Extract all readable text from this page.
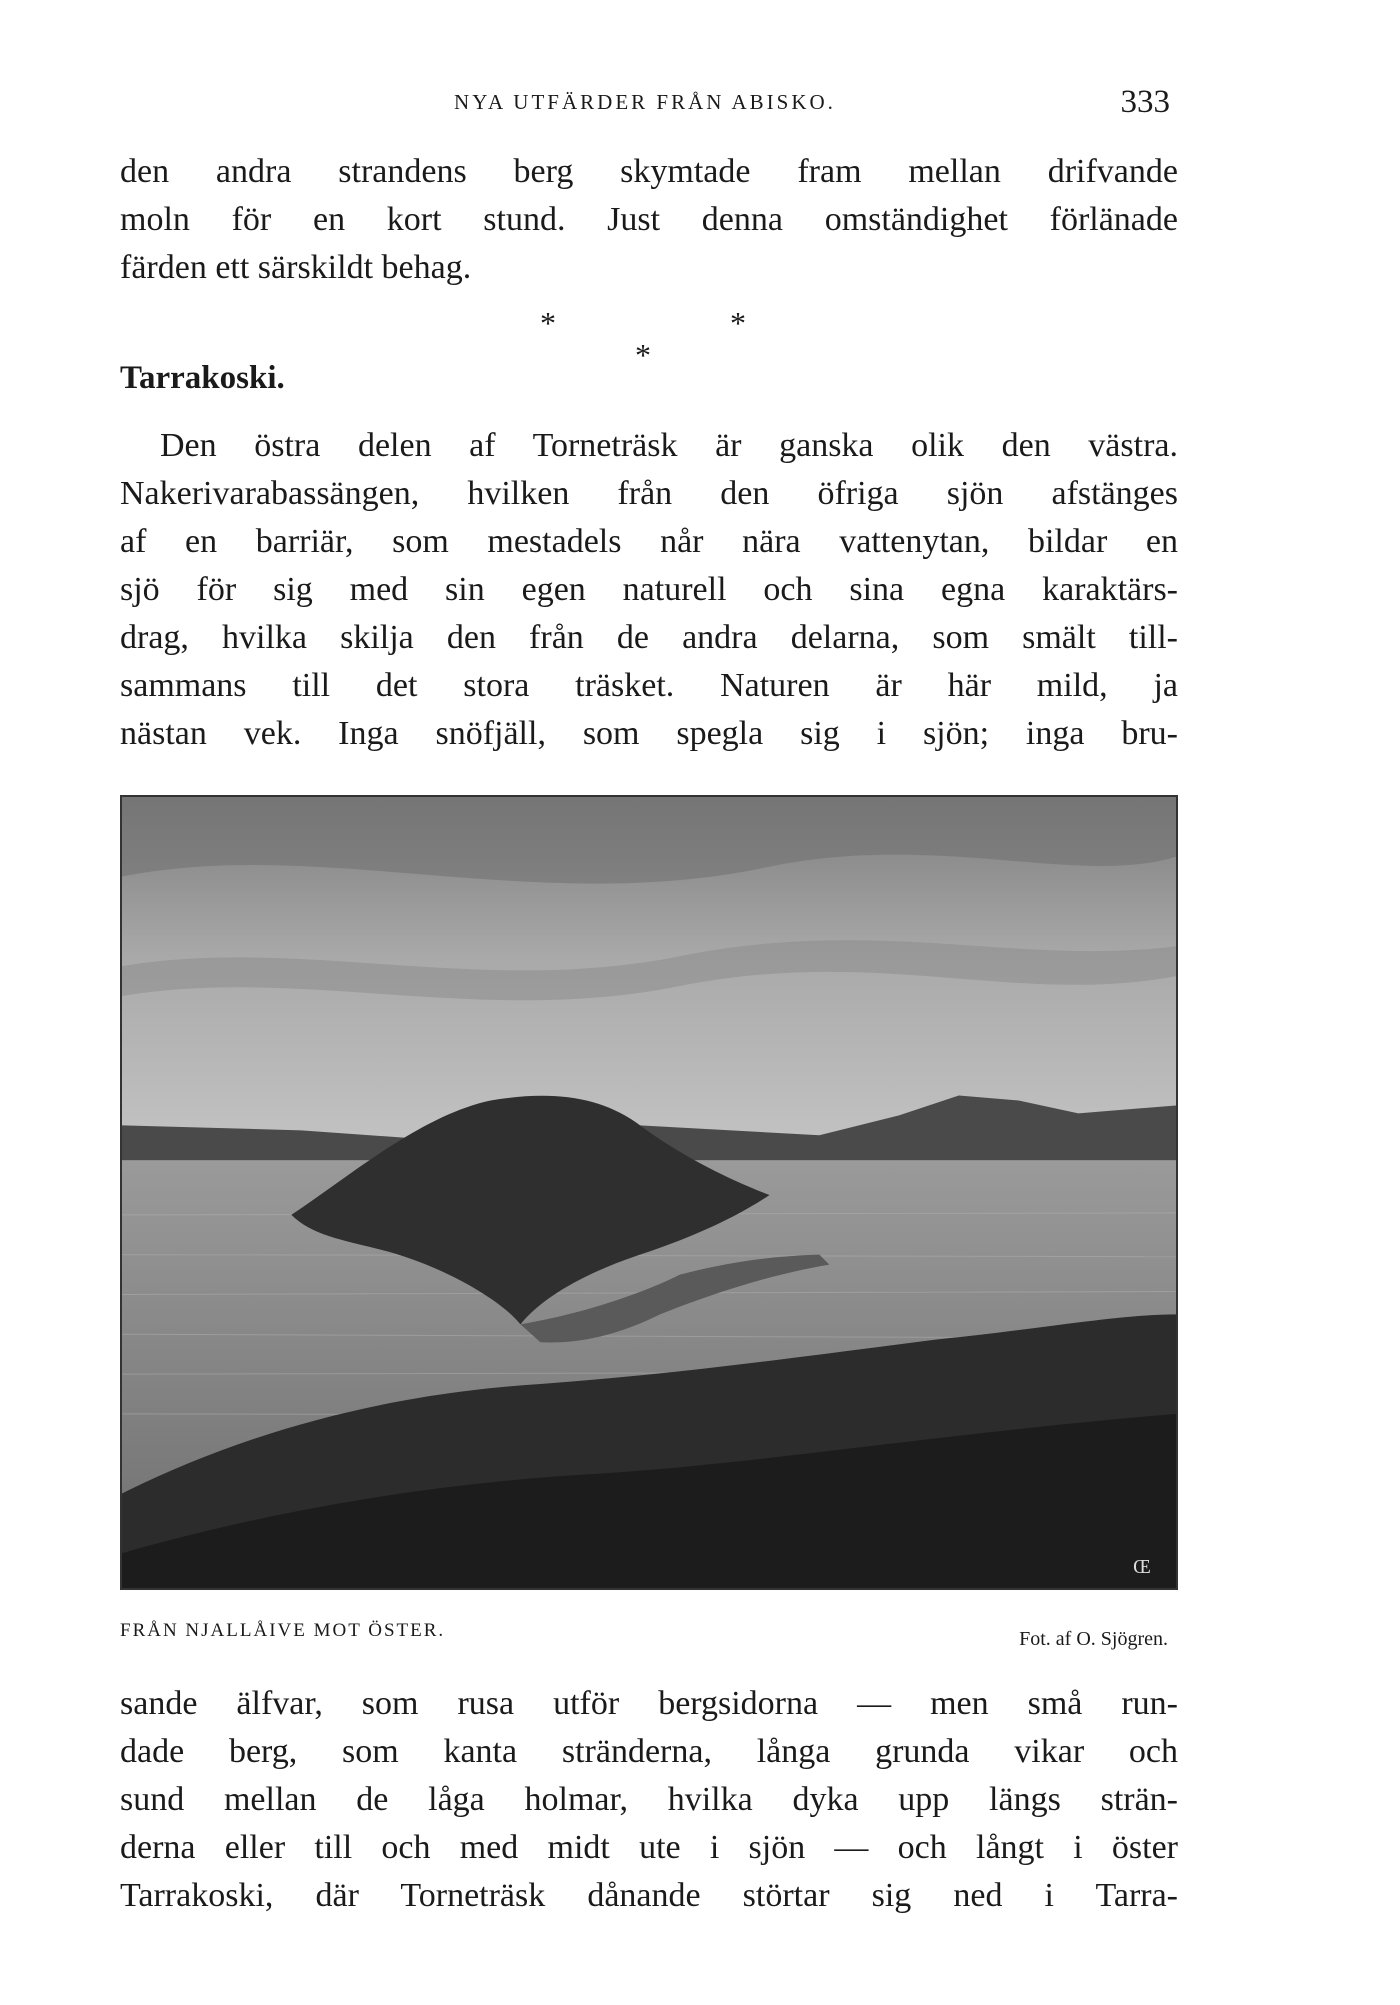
NYA UTFÄRDER FRÅN ABISKO.	333
den andra strandens berg skymtade fram mellan drifvande
moln för en kort stund. Just denna omständighet förlänade
färden ett särskildt behag.
*	*
*
Tarrakoski.
Den östra delen af Torneträsk är ganska olik den västra.
Nakerivarabassängen, hvilken från den öfriga sjön afstänges
af en barriär, som mestadels når nära vattenytan, bildar en
sjö för sig med sin egen naturell och sina egna karaktärs-
drag, hvilka skilja den från de andra delarna, som smält till-
sammans till det stora träsket. Naturen är här mild, ja
nästan vek. Inga snöfjäll, som spegla sig i sjön; inga bru-
Œ
FRÅN NJALLÅIVE MOT ÖSTER.	Fot. af O. Sjögren.
sande älfvar, som rusa utför bergsidorna — men små run-
dade berg, som kanta stränderna, långa grunda vikar och
sund mellan de låga holmar, hvilka dyka upp längs strän-
derna eller till och med midt ute i sjön — och långt i öster
Tarrakoski, där Torneträsk dånande störtar sig ned i Tarra-
